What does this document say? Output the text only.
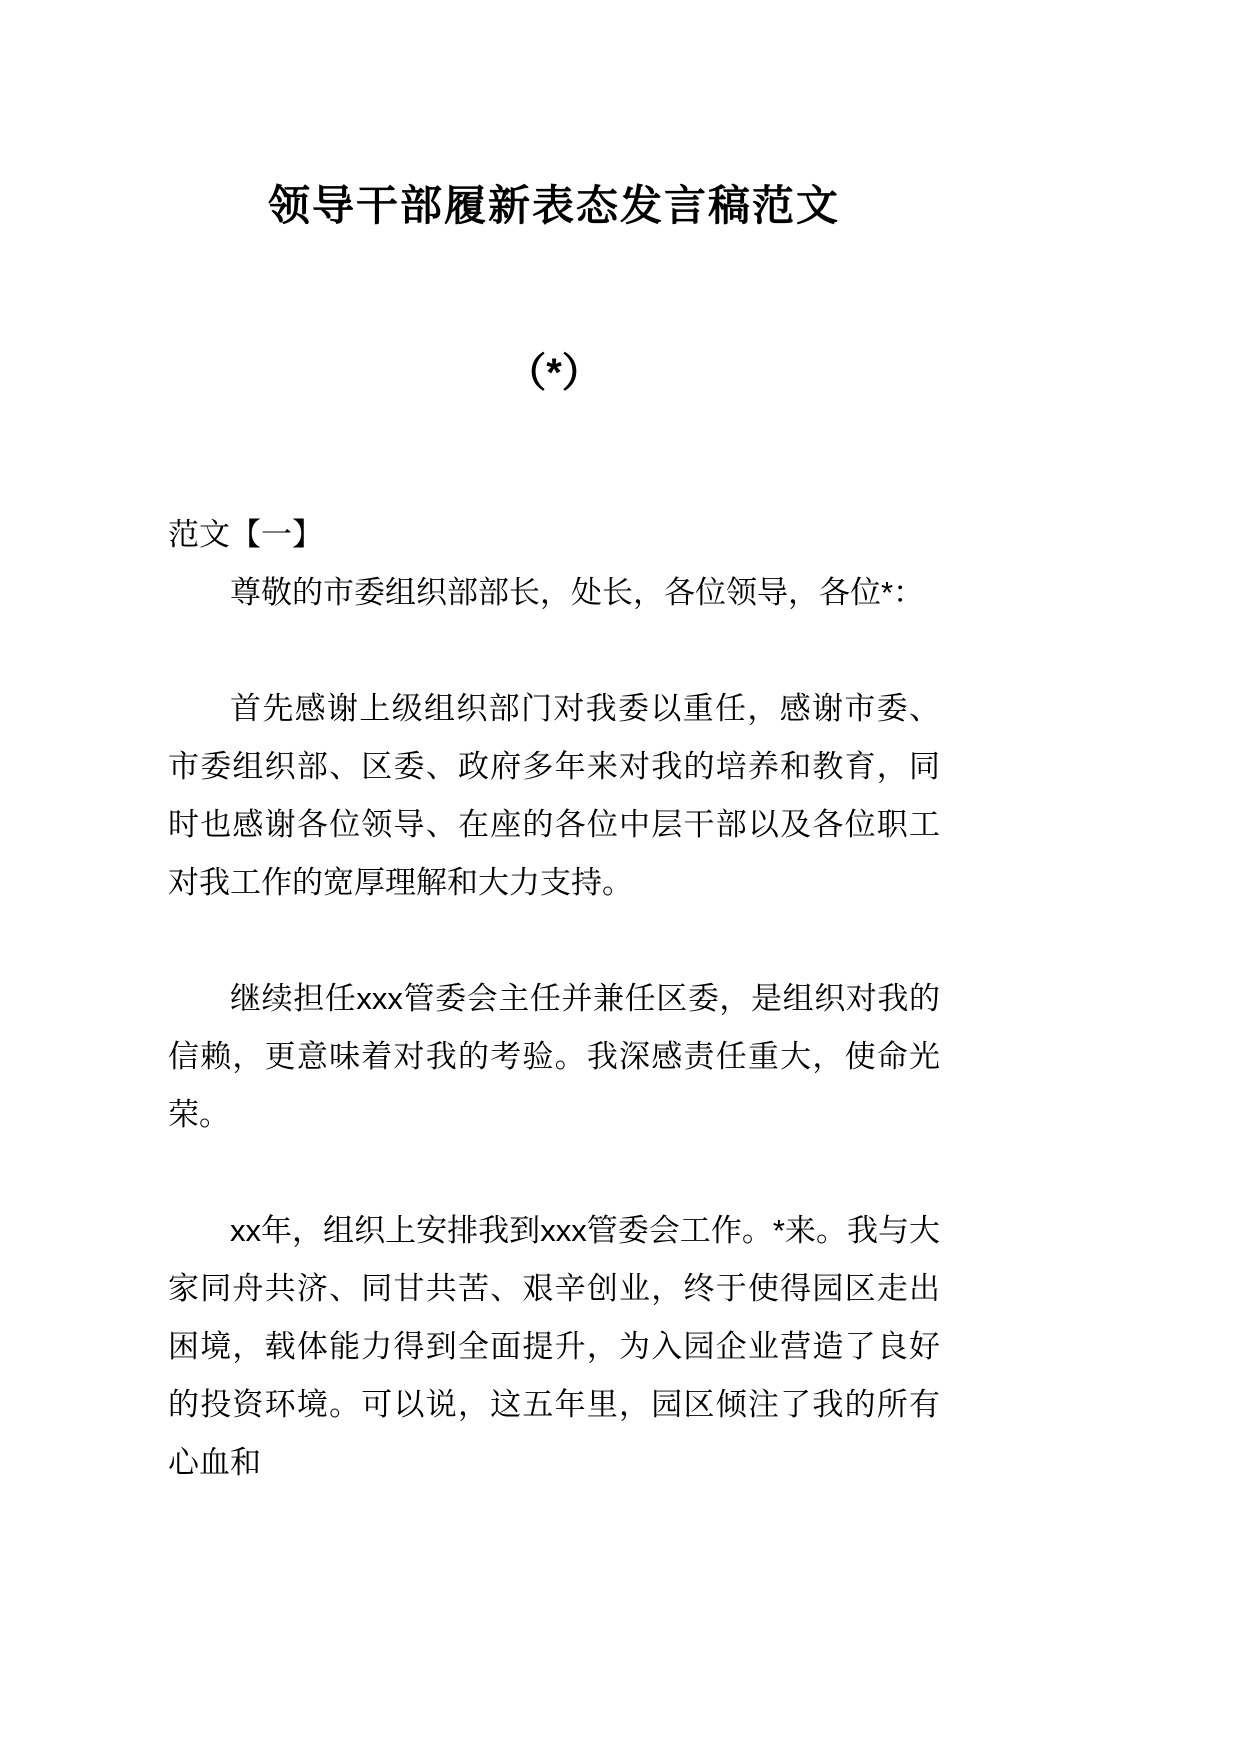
领导干部履新表态发言稿范文
（*）
范文【一】

尊敬的市委组织部部长，处长，各位领导，各位*：

首先感谢上级组织部门对我委以重任，感谢市委、市委组织部、区委、政府多年来对我的培养和教育，同时也感谢各位领导、在座的各位中层干部以及各位职工对我工作的宽厚理解和大力支持。

继续担任xxx管委会主任并兼任区委，是组织对我的信赖，更意味着对我的考验。我深感责任重大，使命光荣。

xx年，组织上安排我到xxx管委会工作。*来。我与大家同舟共济、同甘共苦、艰辛创业，终于使得园区走出困境，载体能力得到全面提升，为入园企业营造了良好的投资环境。可以说，这五年里，园区倾注了我的所有心血和
